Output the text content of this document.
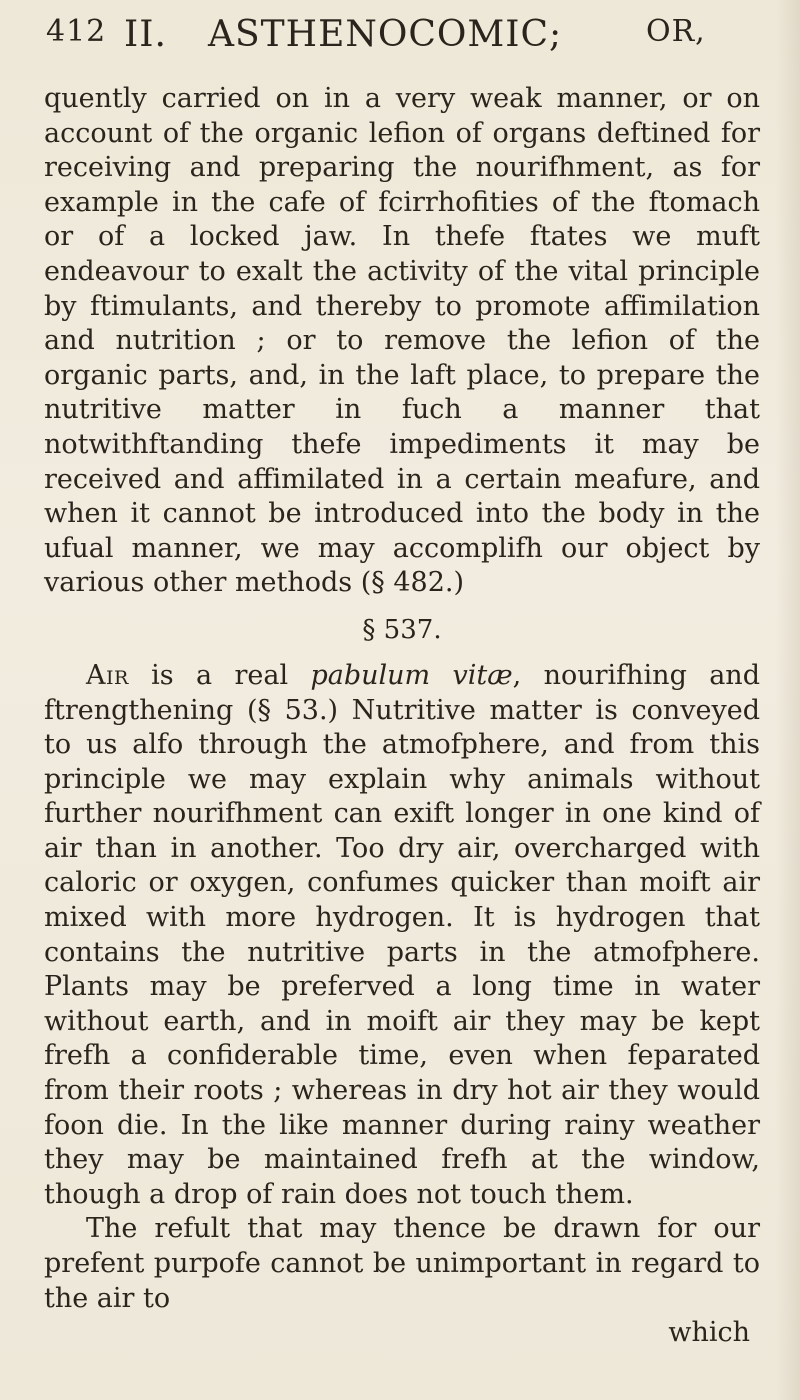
412 II. ASTHENOCOMIC;	OR,

quently carried on in a very weak manner, or on account of the organic lefion of organs deftined for receiving and preparing the nourifhment, as for example in the cafe of fcirrhofities of the ftomach or of a locked jaw. In thefe ftates we muft endeavour to exalt the activity of the vital principle by ftimulants, and thereby to promote affimilation and nutrition ; or to remove the lefion of the organic parts, and, in the laft place, to prepare the nutritive matter in fuch a manner that notwithftanding thefe impediments it may be received and affimilated in a certain meafure, and when it cannot be introduced into the body in the ufual manner, we may accomplifh our object by various other methods (§ 482.)

§ 537.

Air is a real pabulum vitæ, nourifhing and ftrengthening (§ 53.) Nutritive matter is conveyed to us alfo through the atmofphere, and from this principle we may explain why animals without further nourifhment can exift longer in one kind of air than in another. Too dry air, overcharged with caloric or oxygen, confumes quicker than moift air mixed with more hydrogen. It is hydrogen that contains the nutritive parts in the atmofphere. Plants may be preferved a long time in water without earth, and in moift air they may be kept frefh a confiderable time, even when feparated from their roots ; whereas in dry hot air they would foon die. In the like manner during rainy weather they may be maintained frefh at the window, though a drop of rain does not touch them.

The refult that may thence be drawn for our prefent purpofe cannot be unimportant in regard to the air to

which
